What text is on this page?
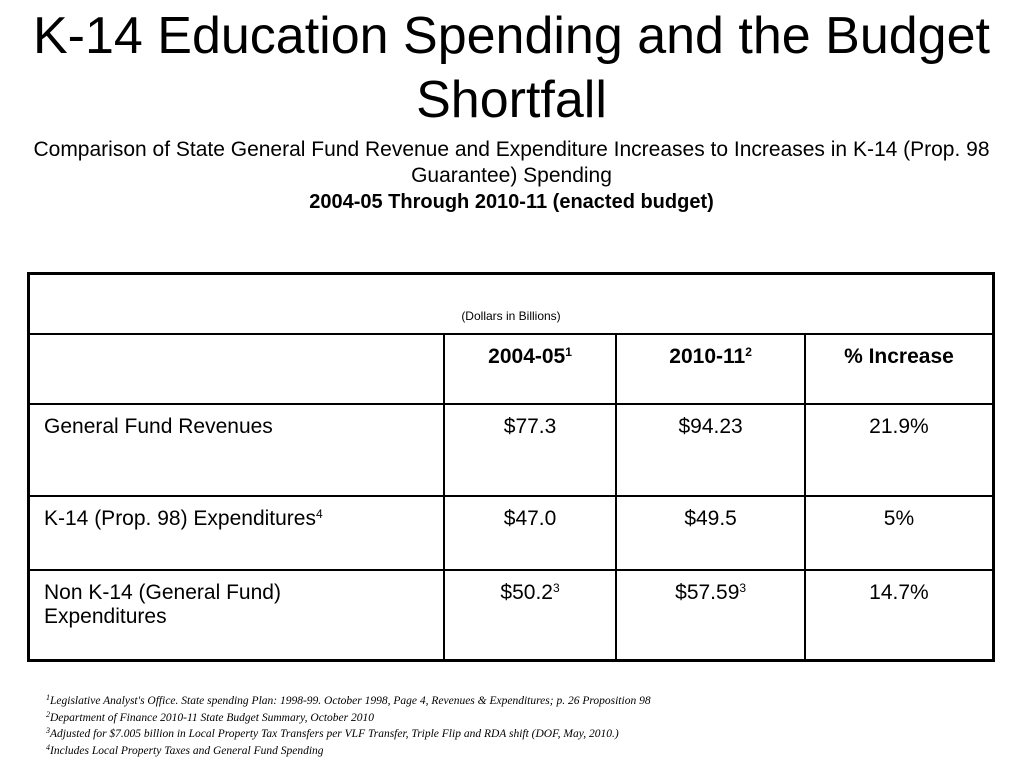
K-14 Education Spending and the Budget Shortfall

Comparison of State General Fund Revenue and Expenditure Increases to Increases in K-14 (Prop. 98 Guarantee) Spending

2004-05 Through 2010-11 (enacted budget)

(Dollars in Billions)			
	$2004-05^1$	$2010-11^2$	% Increase
General Fund Revenues	$77.3	$94.23	21.9%
K-14 (Prop. 98) Expenditures$^4$	$47.0	$49.5	5%
Non K-14 (General Fund) Expenditures	$50.2$^3$	$57.59$^3$	14.7%
$^1$Legislative Analyst's Office. State spending Plan: 1998-99. October 1998, Page 4, Revenues & Expenditures; p. 26 Proposition 98
$^2$Department of Finance 2010-11 State Budget Summary, October 2010
$^3$Adjusted for $7.005 billion in Local Property Tax Transfers per VLF Transfer, Triple Flip and RDA shift (DOF, May, 2010.)
$^4$Includes Local Property Taxes and General Fund Spending
